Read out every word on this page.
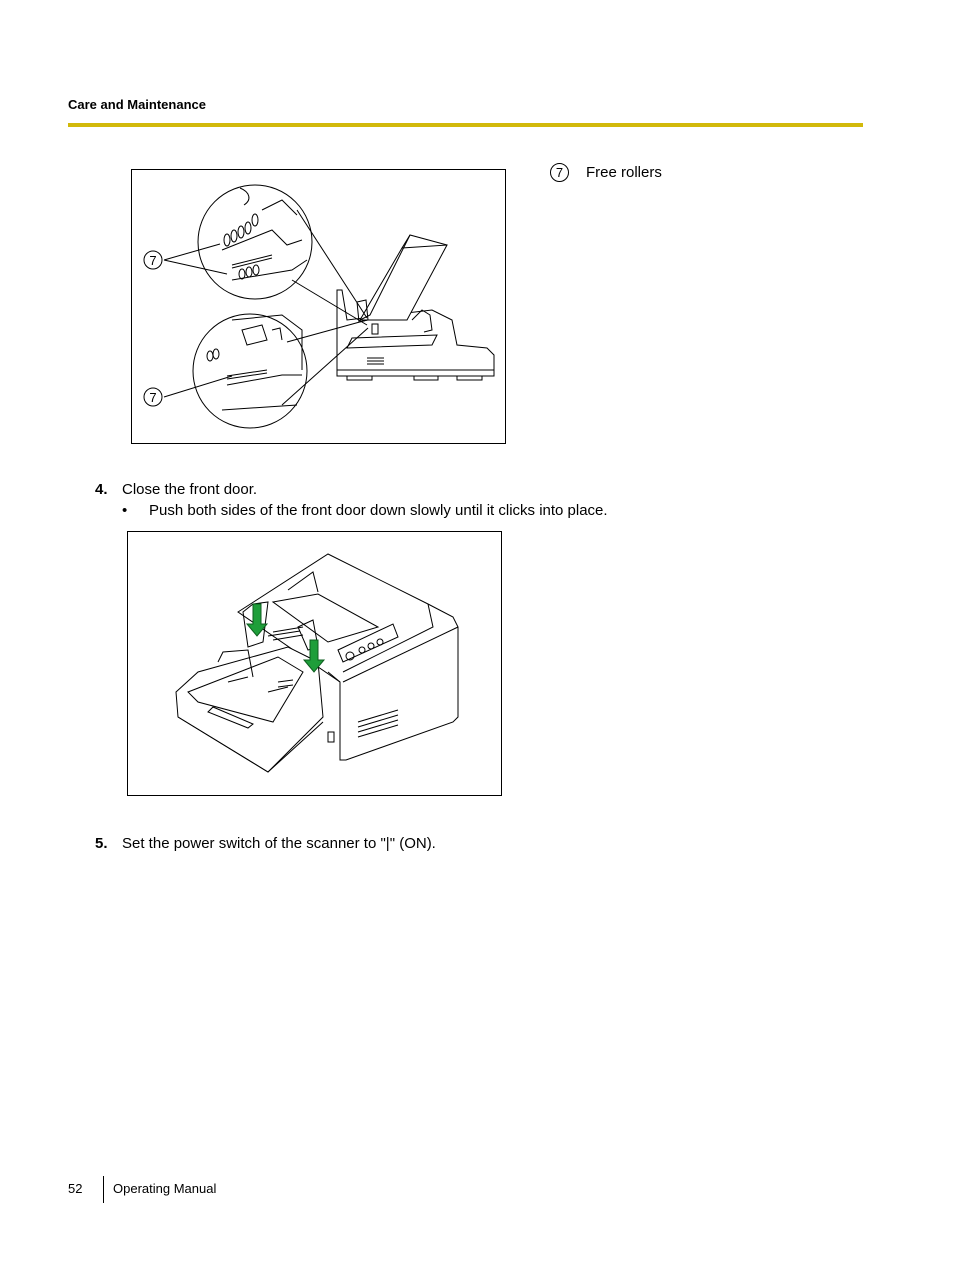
Care and Maintenance
7
7
7	Free rollers
4. Close the front door.
• Push both sides of the front door down slowly until it clicks into place.
5. Set the power switch of the scanner to "|" (ON).
52 Operating Manual
